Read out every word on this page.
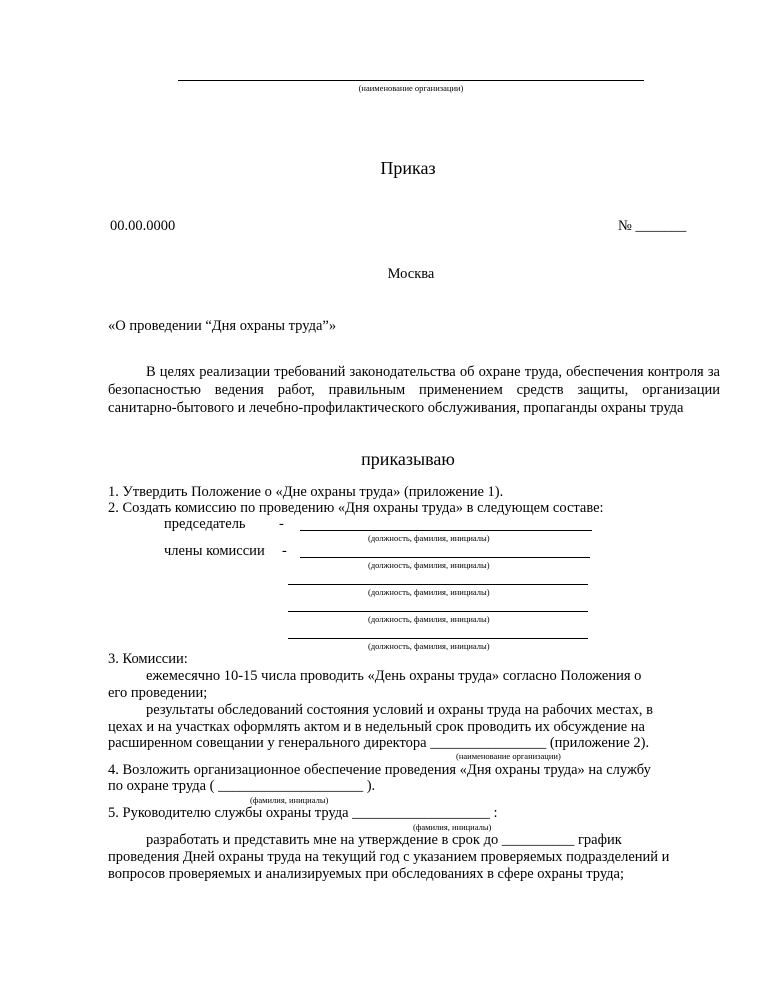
(наименование организации)
Приказ
00.00.0000	№ _______
Москва
«О проведении “Дня охраны труда”»
В целях реализации требований законодательства об охране труда, обеспечения контроля за безопасностью ведения работ, правильным применением средств защиты, организации санитарно-бытового и лечебно-профилактического обслуживания, пропаганды охраны труда
приказываю
1. Утвердить Положение о «Дне охраны труда» (приложение 1).
2. Создать комиссию по проведению «Дня охраны труда» в следующем составе:
председатель -
(должность, фамилия, инициалы)
члены комиссии -
(должность, фамилия, инициалы)
(должность, фамилия, инициалы)
(должность, фамилия, инициалы)
(должность, фамилия, инициалы)
3. Комиссии:
ежемесячно 10-15 числа проводить «День охраны труда» согласно Положения о
его проведении;
результаты обследований состояния условий и охраны труда на рабочих местах, в
цехах и на участках оформлять актом и в недельный срок проводить их обсуждение на
расширенном совещании у генерального директора ________________ (приложение 2).
(наименование организации)
4. Возложить организационное обеспечение проведения «Дня охраны труда» на службу
по охране труда ( ____________________ ).
(фамилия, инициалы)
5. Руководителю службы охраны труда ___________________ :
(фамилия, инициалы)
разработать и представить мне на утверждение в срок до __________ график
проведения Дней охраны труда на текущий год с указанием проверяемых подразделений и
вопросов проверяемых и анализируемых при обследованиях в сфере охраны труда;
